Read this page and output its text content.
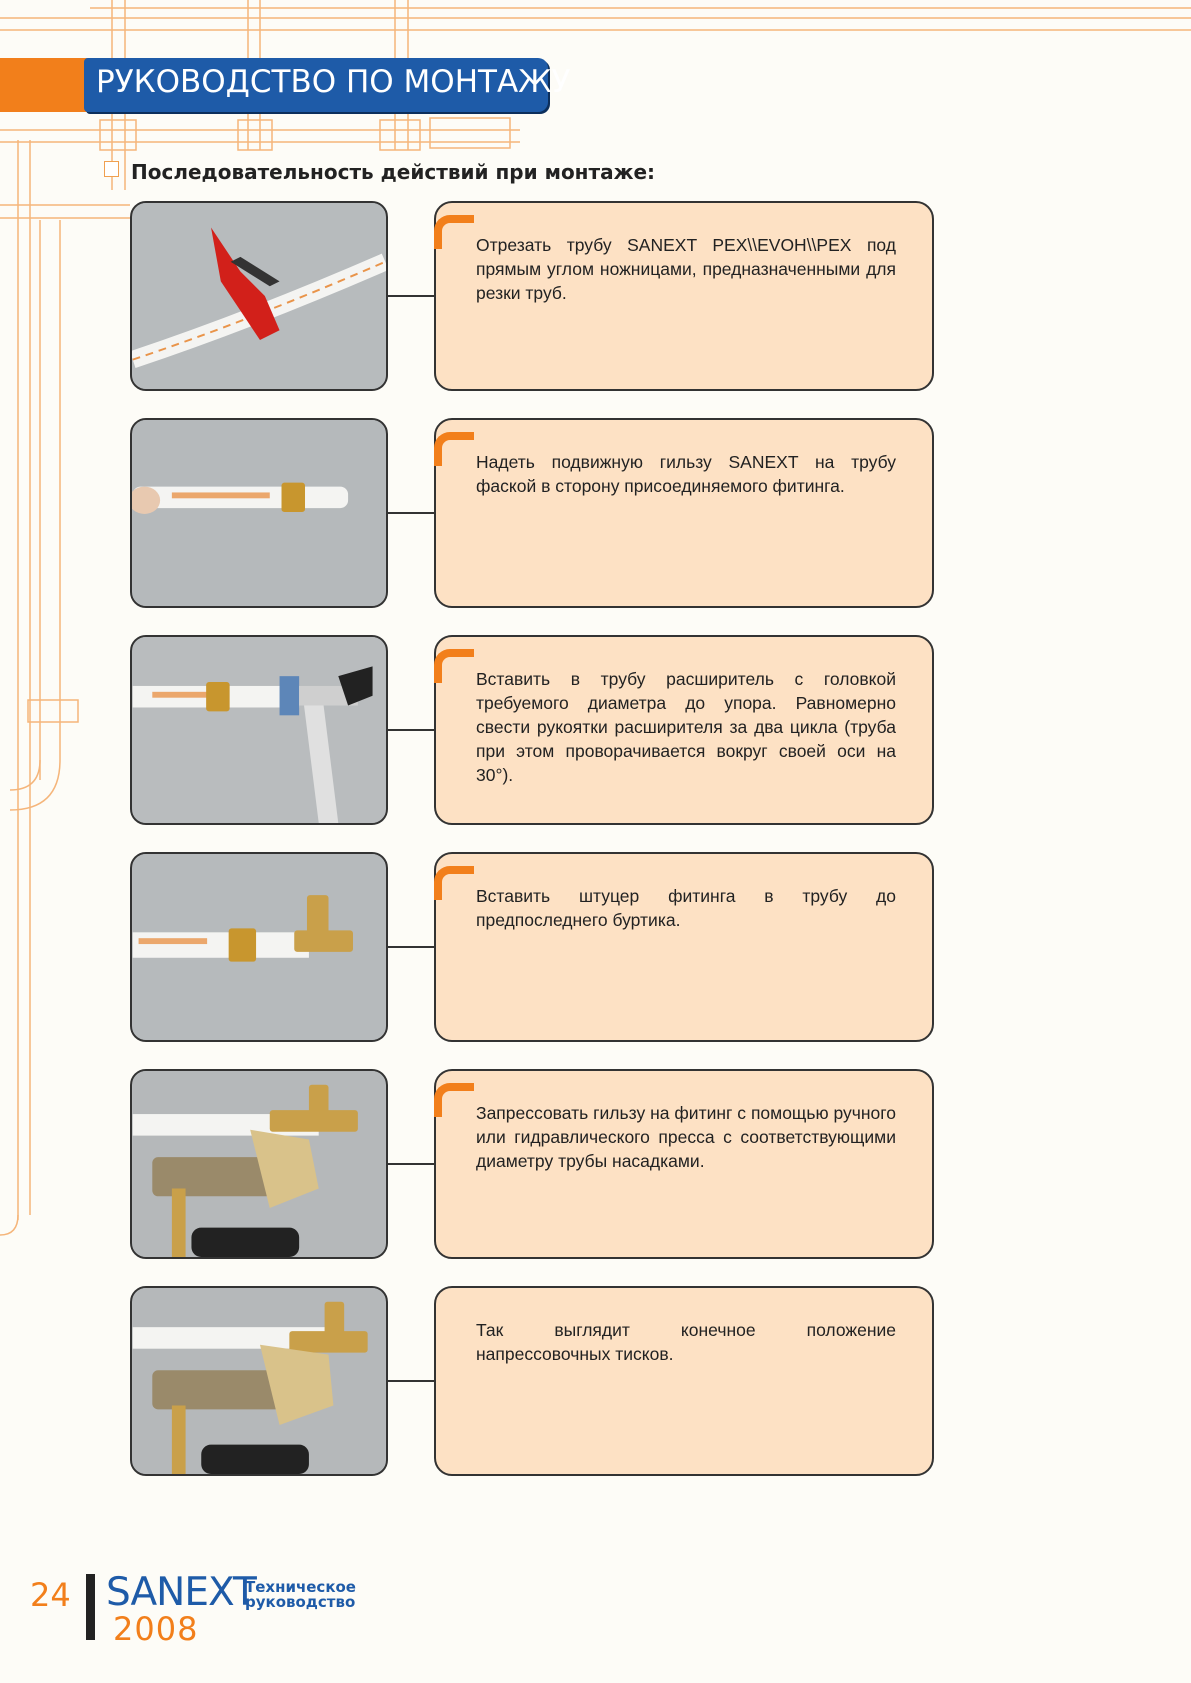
РУКОВОДСТВО ПО МОНТАЖУ
Последовательность действий при монтаже:
Отрезать трубу SANEXT PEX\\EVOH\\PEX под прямым углом ножницами, предназначенными для резки труб.
Надеть подвижную гильзу SANEXT на трубу фаской в сторону присоединяемого фитинга.
Вставить в трубу расширитель с головкой требуемого диаметра до упора. Равномерно свести рукоятки расширителя за два цикла (труба при этом проворачивается вокруг своей оси на 30°).
Вставить штуцер фитинга в трубу до предпоследнего буртика.
Запрессовать гильзу на фитинг с помощью ручного или гидравлического пресса с соответствующими диаметру трубы насадками.
Так выглядит конечное положение напрессовочных тисков.
24 SANEXT
Техническое
руководство
2008
